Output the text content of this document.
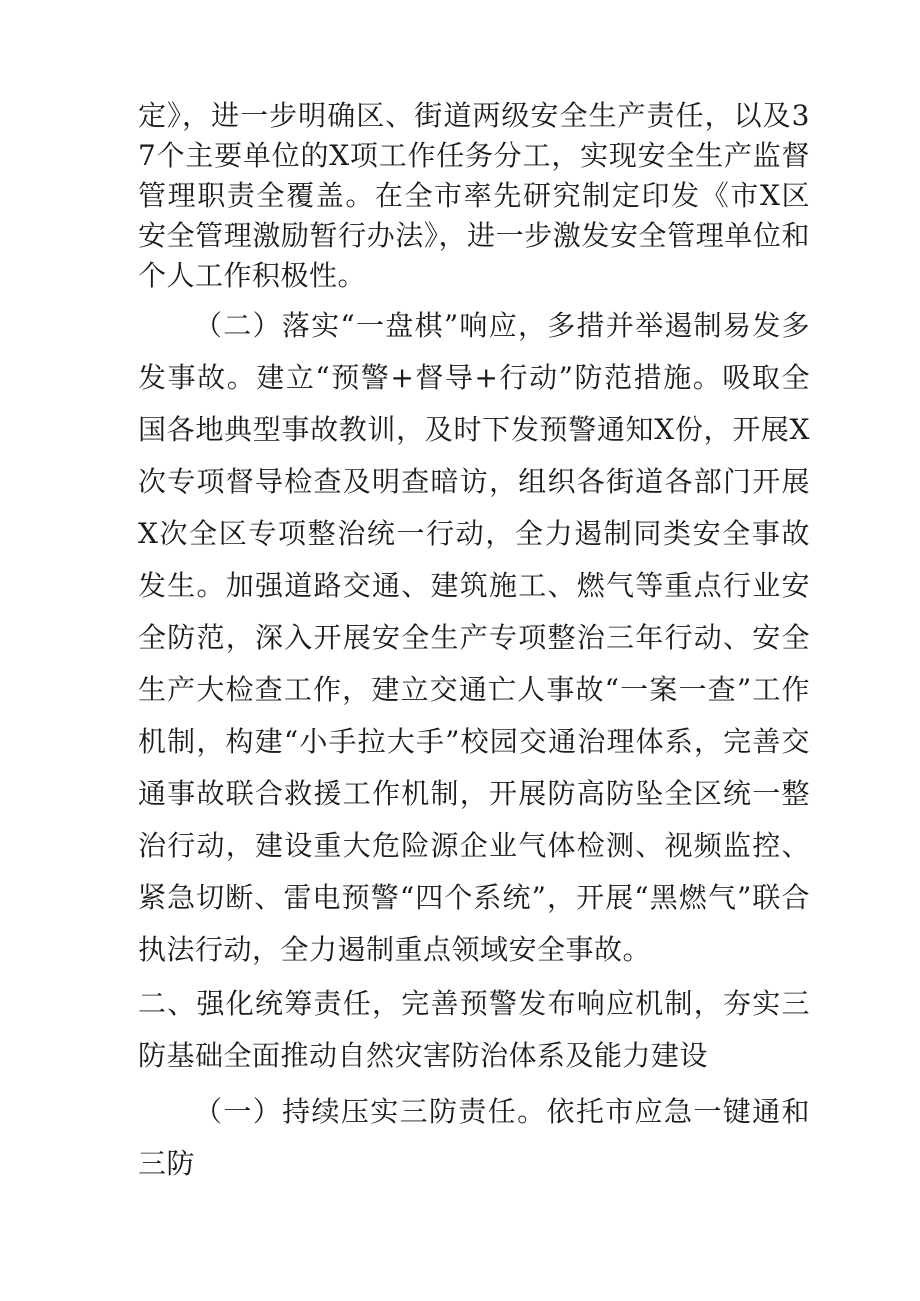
定》，进一步明确区、街道两级安全生产责任，以及37个主要单位的X项工作任务分工，实现安全生产监督管理职责全覆盖。在全市率先研究制定印发《市X区安全管理激励暂行办法》，进一步激发安全管理单位和个人工作积极性。

（二）落实“一盘棋”响应，多措并举遏制易发多发事故。建立“预警+督导+行动”防范措施。吸取全国各地典型事故教训，及时下发预警通知X份，开展X次专项督导检查及明查暗访，组织各街道各部门开展X次全区专项整治统一行动，全力遏制同类安全事故发生。加强道路交通、建筑施工、燃气等重点行业安全防范，深入开展安全生产专项整治三年行动、安全生产大检查工作，建立交通亡人事故“一案一查”工作机制，构建“小手拉大手”校园交通治理体系，完善交通事故联合救援工作机制，开展防高防坠全区统一整治行动，建设重大危险源企业气体检测、视频监控、紧急切断、雷电预警“四个系统”，开展“黑燃气”联合执法行动，全力遏制重点领域安全事故。

二、强化统筹责任，完善预警发布响应机制，夯实三防基础全面推动自然灾害防治体系及能力建设

（一）持续压实三防责任。依托市应急一键通和三防
